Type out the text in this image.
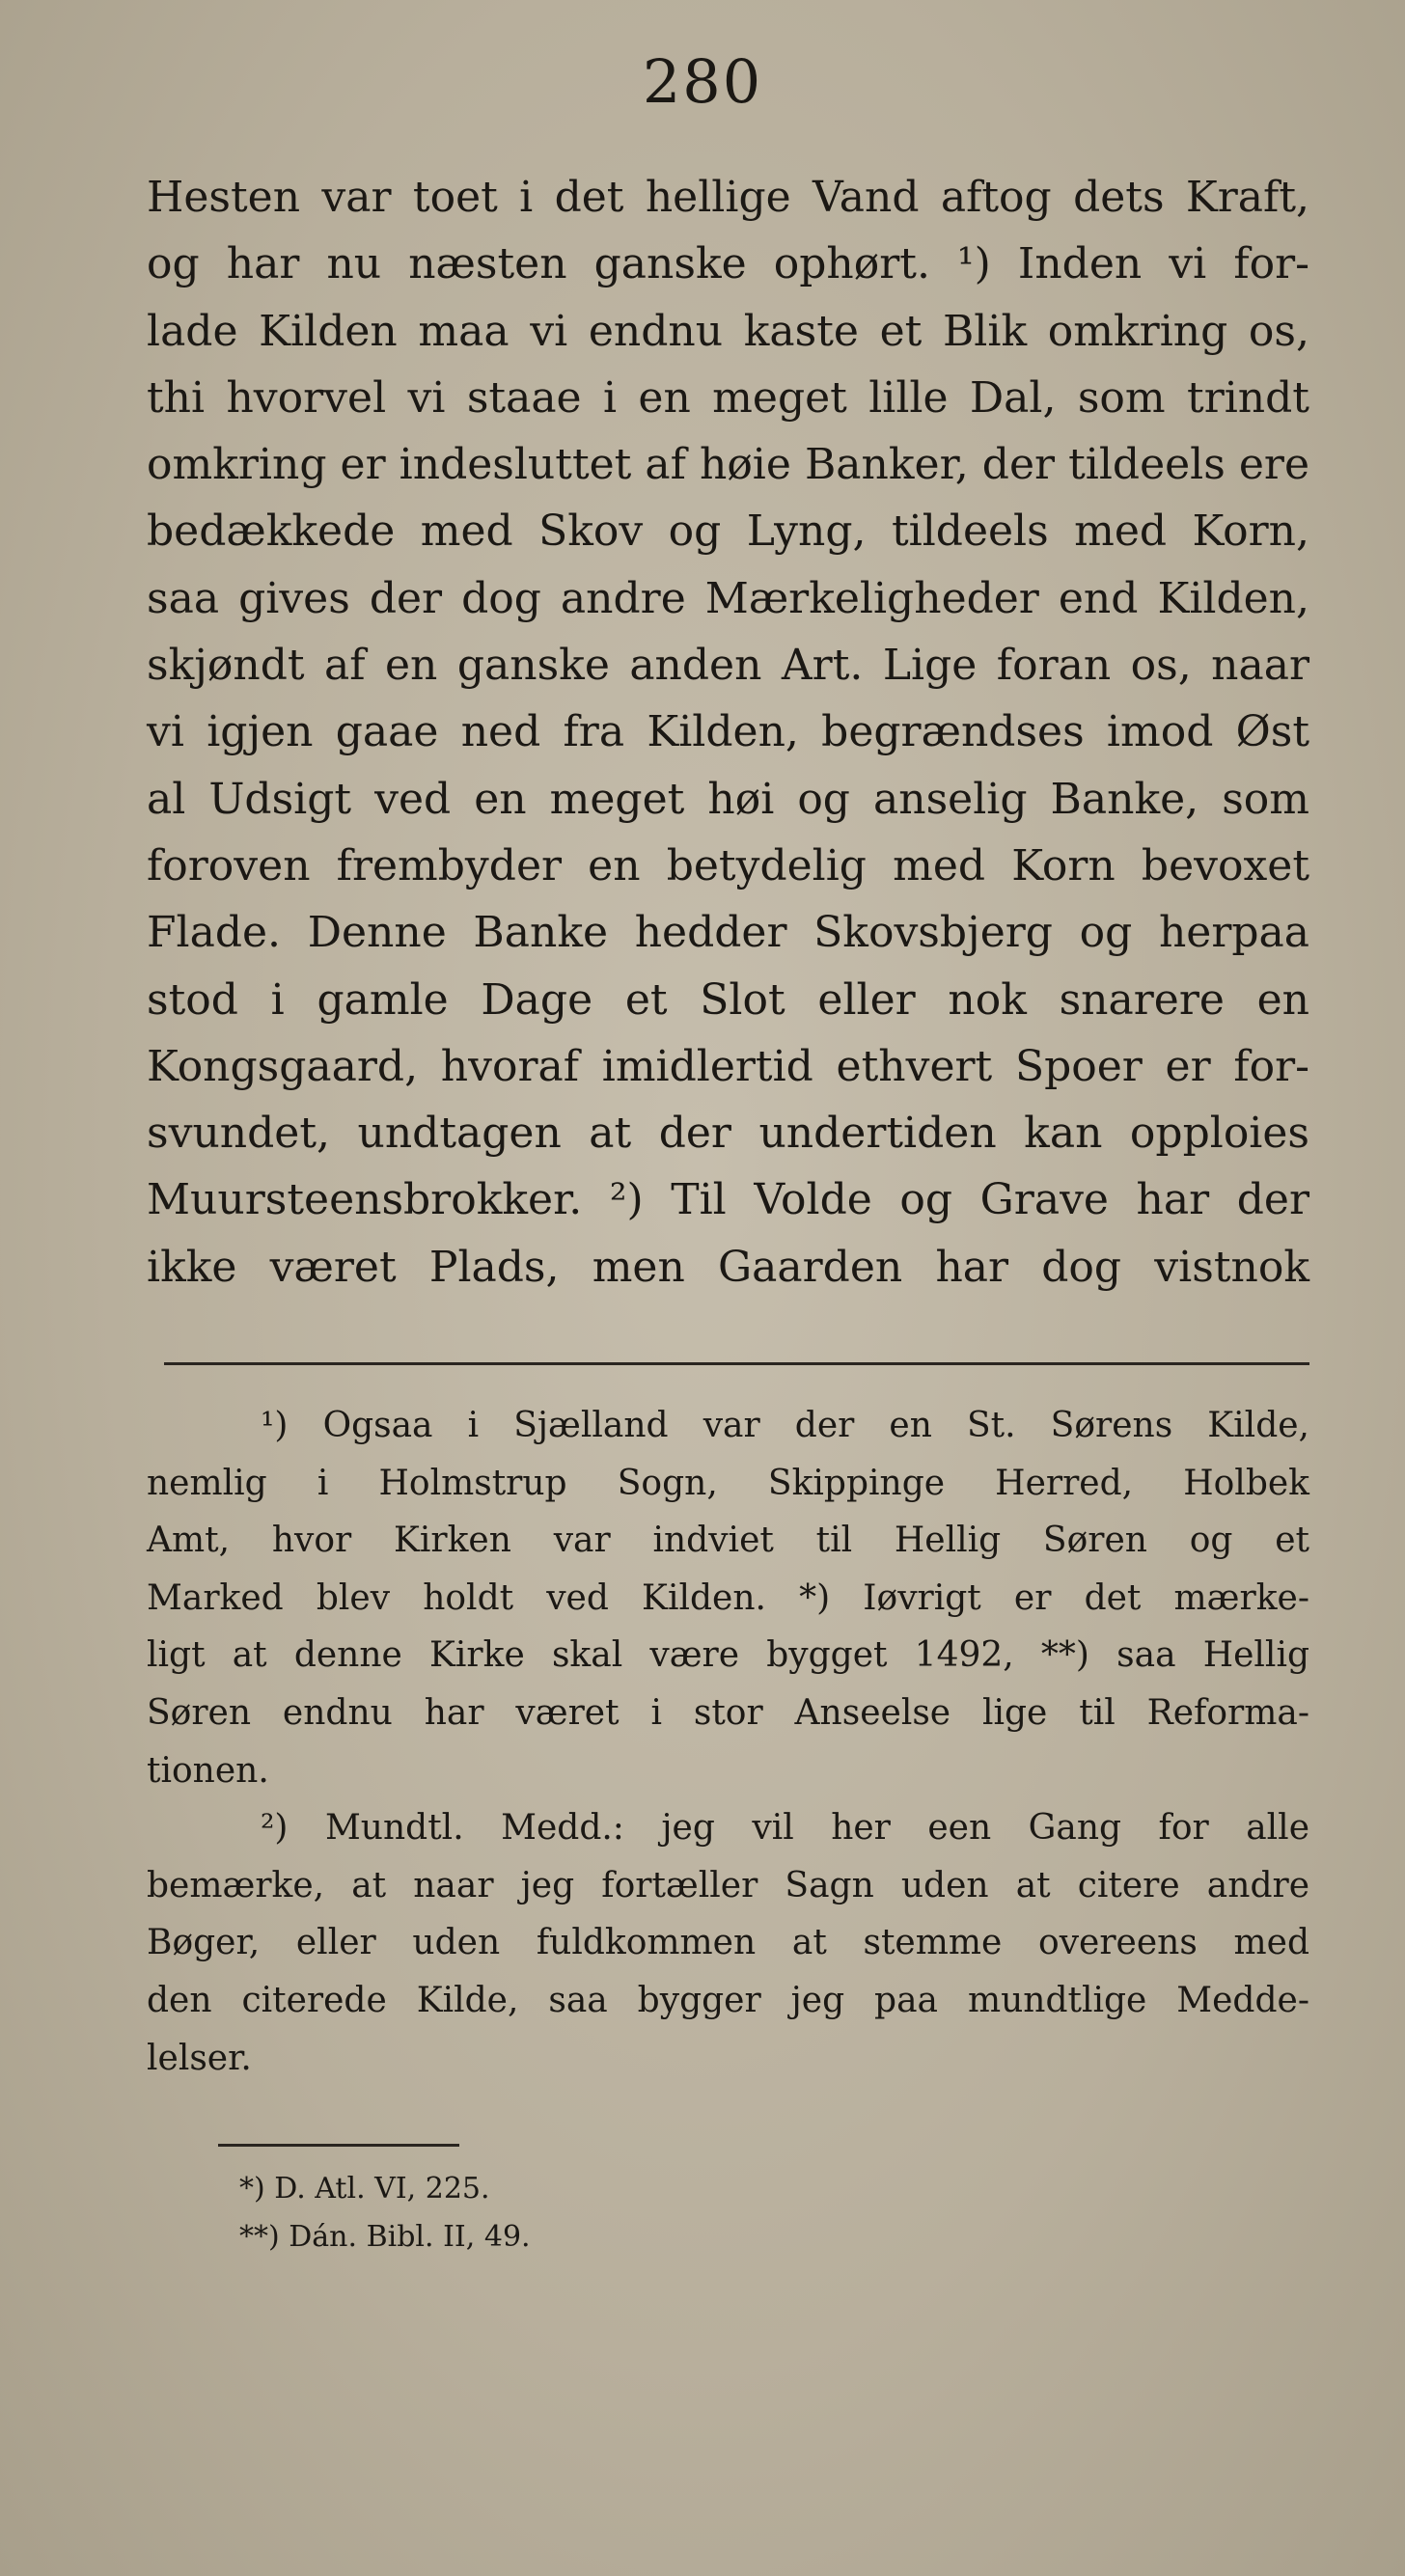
280
Hesten var toet i det hellige Vand aftog dets Kraft,
og har nu næsten ganske ophørt. ¹) Inden vi for-
lade Kilden maa vi endnu kaste et Blik omkring os,
thi hvorvel vi staae i en meget lille Dal, som trindt
omkring er indesluttet af høie Banker, der tildeels ere
bedækkede med Skov og Lyng, tildeels med Korn,
saa gives der dog andre Mærkeligheder end Kilden,
skjøndt af en ganske anden Art. Lige foran os, naar
vi igjen gaae ned fra Kilden, begrændses imod Øst
al Udsigt ved en meget høi og anselig Banke, som
foroven frembyder en betydelig med Korn bevoxet
Flade. Denne Banke hedder Skovsbjerg og herpaa
stod i gamle Dage et Slot eller nok snarere en
Kongsgaard, hvoraf imidlertid ethvert Spoer er for-
svundet, undtagen at der undertiden kan opploies
Muursteensbrokker. ²) Til Volde og Grave har der
ikke været Plads, men Gaarden har dog vistnok
¹) Ogsaa i Sjælland var der en St. Sørens Kilde,
nemlig i Holmstrup Sogn, Skippinge Herred, Holbek
Amt, hvor Kirken var indviet til Hellig Søren og et
Marked blev holdt ved Kilden. *) Iøvrigt er det mærke-
ligt at denne Kirke skal være bygget 1492, **) saa Hellig
Søren endnu har været i stor Anseelse lige til Reforma-
tionen.
²) Mundtl. Medd.: jeg vil her een Gang for alle
bemærke, at naar jeg fortæller Sagn uden at citere andre
Bøger, eller uden fuldkommen at stemme overeens med
den citerede Kilde, saa bygger jeg paa mundtlige Medde-
lelser.
*) D. Atl. VI, 225.
**) Dán. Bibl. II, 49.
